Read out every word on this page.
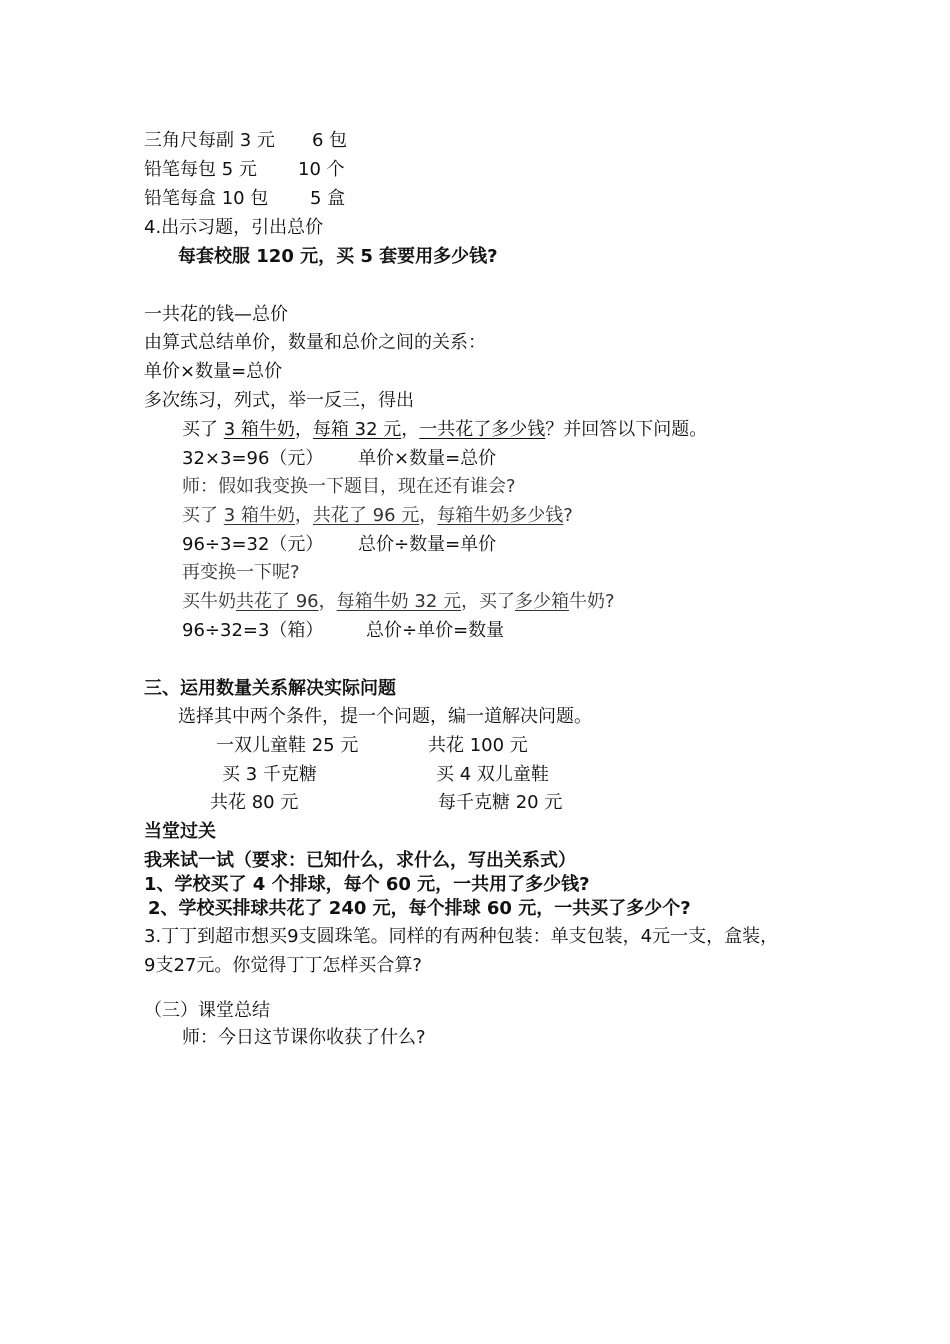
三角尺每副 3 元 6 包
铅笔每包 5 元 10 个
铅笔每盒 10 包 5 盒
4.出示习题，引出总价
每套校服 120 元，买 5 套要用多少钱?
一共花的钱—总价
由算式总结单价，数量和总价之间的关系：
单价×数量=总价
多次练习，列式，举一反三，得出
买了 3 箱牛奶，每箱 32 元，一共花了多少钱？并回答以下问题。
32×3=96（元） 单价×数量=总价
师：假如我变换一下题目，现在还有谁会?
买了 3 箱牛奶，共花了 96 元，每箱牛奶多少钱?
96÷3=32（元） 总价÷数量=单价
再变换一下呢?
买牛奶共花了 96，每箱牛奶 32 元，买了多少箱牛奶?
96÷32=3（箱） 总价÷单价=数量
三、运用数量关系解决实际问题
选择其中两个条件，提一个问题，编一道解决问题。
一双儿童鞋 25 元	共花 100 元
买 3 千克糖	买 4 双儿童鞋
共花 80 元	每千克糖 20 元
当堂过关
我来试一试（要求：已知什么，求什么，写出关系式）
1、学校买了 4 个排球，每个 60 元，一共用了多少钱?
2、学校买排球共花了 240 元，每个排球 60 元，一共买了多少个?
3.丁丁到超市想买9支圆珠笔。同样的有两种包装：单支包装，4元一支，盒装，
9支27元。你觉得丁丁怎样买合算?
（三）课堂总结
师：今日这节课你收获了什么?
